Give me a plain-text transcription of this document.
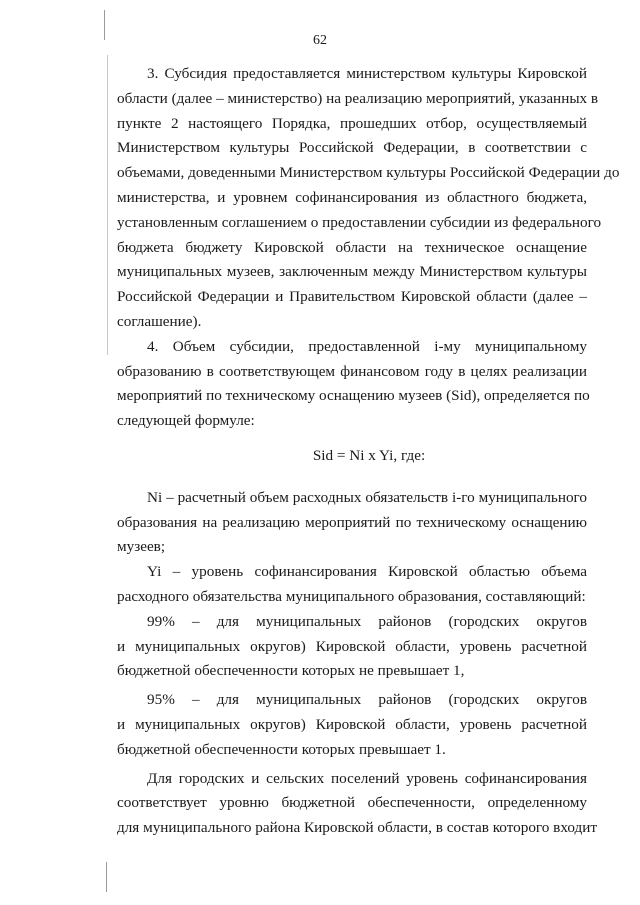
62
3. Субсидия предоставляется министерством культуры Кировской
области (далее – министерство) на реализацию мероприятий, указанных в
пункте 2 настоящего Порядка, прошедших отбор, осуществляемый
Министерством культуры Российской Федерации, в соответствии с
объемами, доведенными Министерством культуры Российской Федерации до
министерства, и уровнем софинансирования из областного бюджета,
установленным соглашением о предоставлении субсидии из федерального
бюджета бюджету Кировской области на техническое оснащение
муниципальных музеев, заключенным между Министерством культуры
Российской Федерации и Правительством Кировской области (далее –
соглашение).
4. Объем субсидии, предоставленной i-му муниципальному
образованию в соответствующем финансовом году в целях реализации
мероприятий по техническому оснащению музеев (Sid), определяется по
следующей формуле:
Sid = Ni x Yi, где:
Ni – расчетный объем расходных обязательств i-го муниципального
образования на реализацию мероприятий по техническому оснащению
музеев;
Yi – уровень софинансирования Кировской областью объема
расходного обязательства муниципального образования, составляющий:
99% – для муниципальных районов (городских округов
и муниципальных округов) Кировской области, уровень расчетной
бюджетной обеспеченности которых не превышает 1,
95% – для муниципальных районов (городских округов
и муниципальных округов) Кировской области, уровень расчетной
бюджетной обеспеченности которых превышает 1.
Для городских и сельских поселений уровень софинансирования
соответствует уровню бюджетной обеспеченности, определенному
для муниципального района Кировской области, в состав которого входит
